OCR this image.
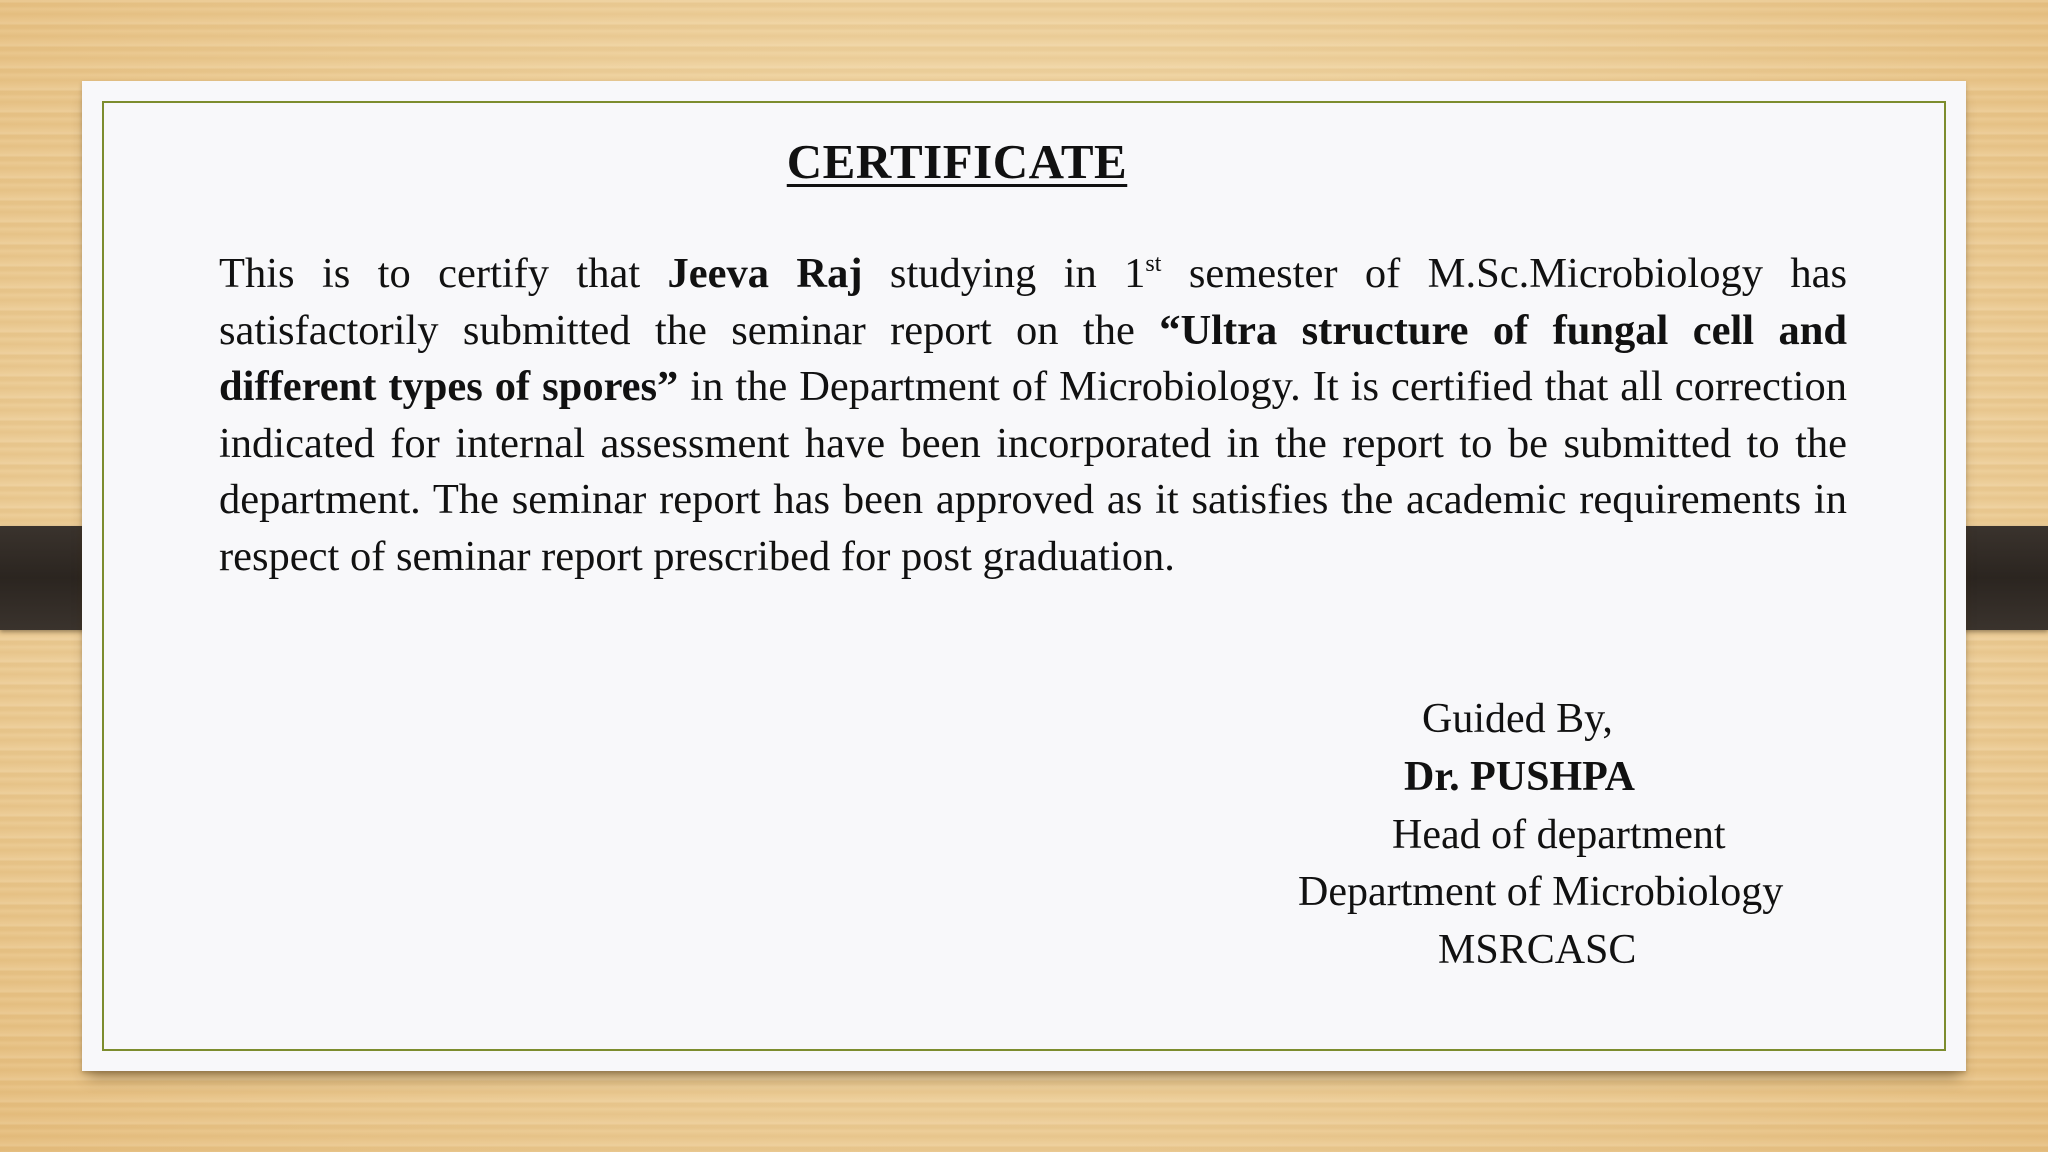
CERTIFICATE

This is to certify that Jeeva Raj studying in 1st semester of M.Sc.Microbiology has satisfactorily submitted the seminar report on the “Ultra structure of fungal cell and different types of spores” in the Department of Microbiology. It is certified that all correction indicated for internal assessment have been incorporated in the report to be submitted to the department. The seminar report has been approved as it satisfies the academic requirements in respect of seminar report prescribed for post graduation.

Guided By,
Dr. PUSHPA
Head of department
Department of Microbiology
MSRCASC
